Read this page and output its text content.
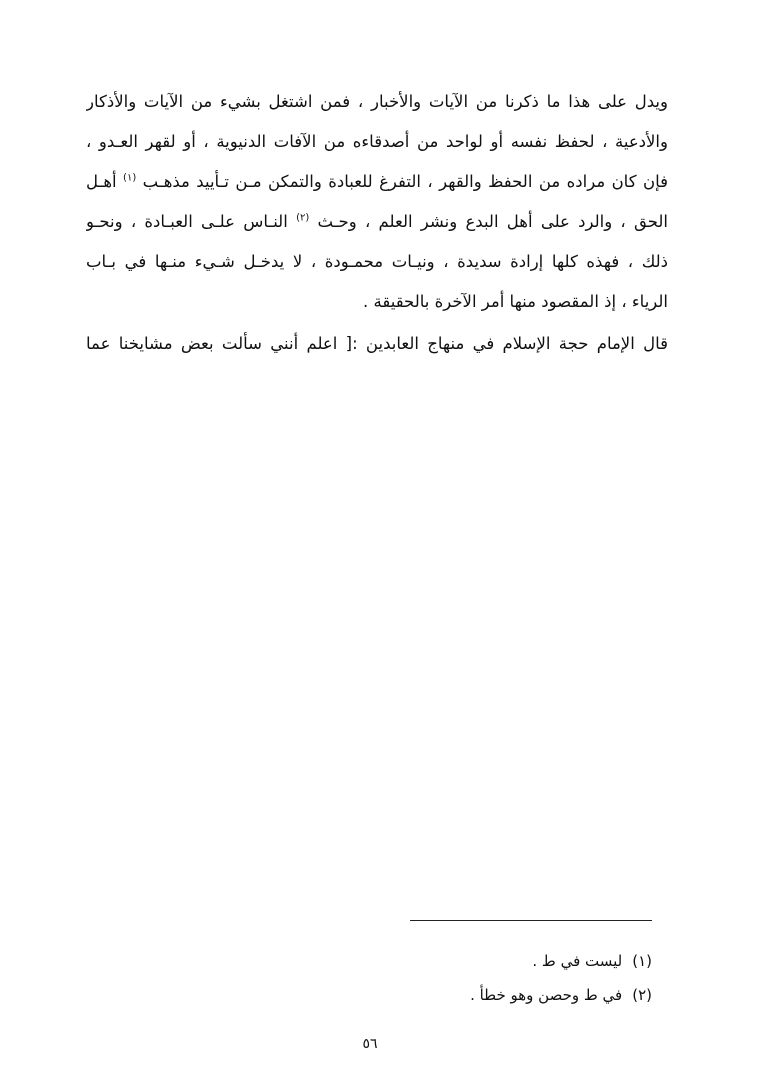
ويدل على هذا ما ذكرنا من الآيات والأخبار ، فمن اشتغل بشيء من الآيات والأذكار
والأدعية ، لحفظ نفسه أو لواحد من أصدقاءه من الآفات الدنيوية ، أو لقهر العـدو ،
فإن كان مراده من الحفظ والقهر ، التفرغ للعبادة والتمكن مـن تـأييد مذهـب $^{(١)}$ أهـل
الحق ، والرد على أهل البدع ونشر العلم ، وحـث $^{(٢)}$ النـاس علـى العبـادة ، ونحـو
ذلك ، فهذه كلها إرادة سديدة ، ونيـات محمـودة ، لا يدخـل شـيء منـها في بـاب
الرياء ، إذ المقصود منها أمر الآخرة بالحقيقة .
قال الإمام حجة الإسلام في منهاج العابدين :[ اعلم أنني سألت بعض مشايخنا عما
(١)ليست في ط .
(٢)في ط وحصن وهو خطأ .
٥٦
